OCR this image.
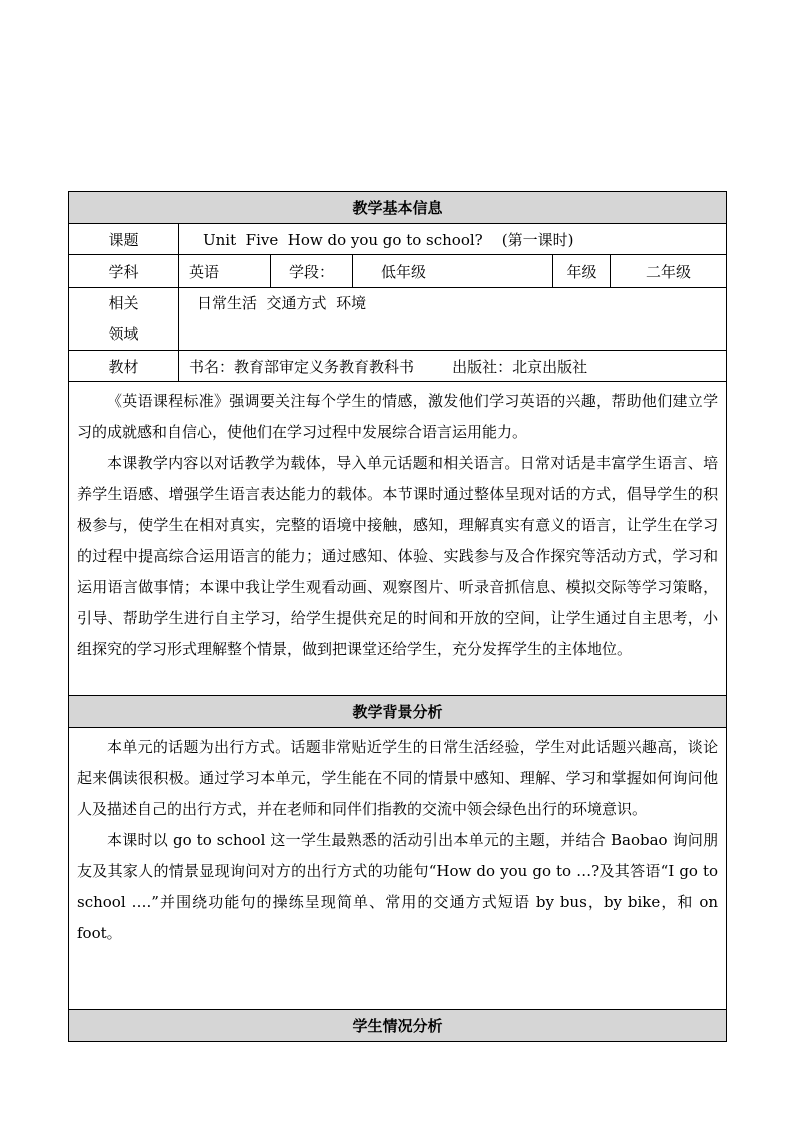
教学基本信息					
课题	Unit  Five  How do you go to school?    (第一课时)				
学科	英语	学段：	低年级	年级	二年级

相关
领域	日常生活  交通方式  环境				
教材	书名：教育部审定义务教育教科书        出版社：北京出版社				

《英语课程标准》强调要关注每个学生的情感，激发他们学习英语的兴趣，帮助他们建立学习的成就感和自信心，使他们在学习过程中发展综合语言运用能力。

本课教学内容以对话教学为载体，导入单元话题和相关语言。日常对话是丰富学生语言、培养学生语感、增强学生语言表达能力的载体。本节课时通过整体呈现对话的方式，倡导学生的积极参与，使学生在相对真实，完整的语境中接触，感知，理解真实有意义的语言，让学生在学习的过程中提高综合运用语言的能力；通过感知、体验、实践参与及合作探究等活动方式，学习和运用语言做事情；本课中我让学生观看动画、观察图片、听录音抓信息、模拟交际等学习策略，引导、帮助学生进行自主学习，给学生提供充足的时间和开放的空间，让学生通过自主思考，小组探究的学习形式理解整个情景，做到把课堂还给学生，充分发挥学生的主体地位。					

教学背景分析					

本单元的话题为出行方式。话题非常贴近学生的日常生活经验，学生对此话题兴趣高，谈论起来偶读很积极。通过学习本单元，学生能在不同的情景中感知、理解、学习和掌握如何询问他人及描述自己的出行方式，并在老师和同伴们指教的交流中领会绿色出行的环境意识。

本课时以 go to school 这一学生最熟悉的活动引出本单元的主题，并结合 Baobao 询问朋友及其家人的情景显现询问对方的出行方式的功能句“How do you go to …?及其答语“I go to school ….”并围绕功能句的操练呈现简单、常用的交通方式短语 by bus，by bike，和 on foot。					

学生情况分析					
